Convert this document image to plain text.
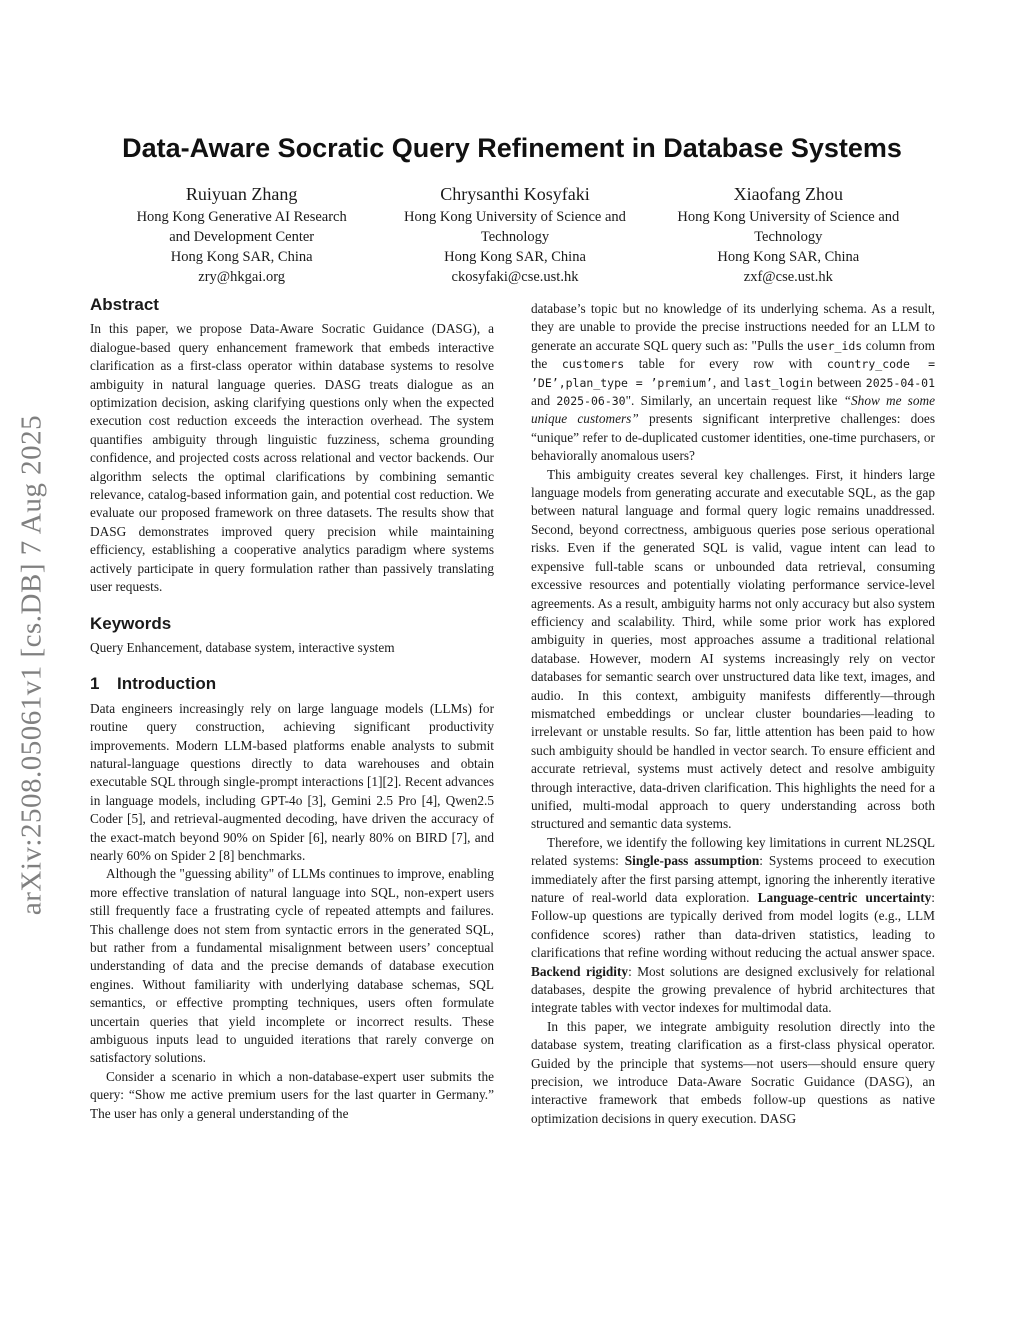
arXiv:2508.05061v1 [cs.DB] 7 Aug 2025
Data-Aware Socratic Query Refinement in Database Systems
Ruiyuan Zhang
Hong Kong Generative AI Research
and Development Center
Hong Kong SAR, China
zry@hkgai.org
Chrysanthi Kosyfaki
Hong Kong University of Science and
Technology
Hong Kong SAR, China
ckosyfaki@cse.ust.hk
Xiaofang Zhou
Hong Kong University of Science and
Technology
Hong Kong SAR, China
zxf@cse.ust.hk
Abstract

In this paper, we propose Data-Aware Socratic Guidance (DASG), a dialogue-based query enhancement framework that embeds interactive clarification as a first-class operator within database systems to resolve ambiguity in natural language queries. DASG treats dialogue as an optimization decision, asking clarifying questions only when the expected execution cost reduction exceeds the interaction overhead. The system quantifies ambiguity through linguistic fuzziness, schema grounding confidence, and projected costs across relational and vector backends. Our algorithm selects the optimal clarifications by combining semantic relevance, catalog-based information gain, and potential cost reduction. We evaluate our proposed framework on three datasets. The results show that DASG demonstrates improved query precision while maintaining efficiency, establishing a cooperative analytics paradigm where systems actively participate in query formulation rather than passively translating user requests.

Keywords

Query Enhancement, database system, interactive system

1 Introduction

Data engineers increasingly rely on large language models (LLMs) for routine query construction, achieving significant productivity improvements. Modern LLM-based platforms enable analysts to submit natural-language questions directly to data warehouses and obtain executable SQL through single-prompt interactions [1][2]. Recent advances in language models, including GPT-4o [3], Gemini 2.5 Pro [4], Qwen2.5 Coder [5], and retrieval-augmented decoding, have driven the accuracy of the exact-match beyond 90% on Spider [6], nearly 80% on BIRD [7], and nearly 60% on Spider 2 [8] benchmarks.

Although the "guessing ability" of LLMs continues to improve, enabling more effective translation of natural language into SQL, non-expert users still frequently face a frustrating cycle of repeated attempts and failures. This challenge does not stem from syntactic errors in the generated SQL, but rather from a fundamental misalignment between users’ conceptual understanding of data and the precise demands of database execution engines. Without familiarity with underlying database schemas, SQL semantics, or effective prompting techniques, users often formulate uncertain queries that yield incomplete or incorrect results. These ambiguous inputs lead to unguided iterations that rarely converge on satisfactory solutions.

Consider a scenario in which a non-database-expert user submits the query: “Show me active premium users for the last quarter in Germany.” The user has only a general understanding of the

database’s topic but no knowledge of its underlying schema. As a result, they are unable to provide the precise instructions needed for an LLM to generate an accurate SQL query such as: "Pulls the user_ids column from the customers table for every row with country_code = ’DE’,plan_type = ’premium’, and last_login between 2025-04-01 and 2025-06-30". Similarly, an uncertain request like “Show me some unique customers” presents significant interpretive challenges: does “unique” refer to de-duplicated customer identities, one-time purchasers, or behaviorally anomalous users?

This ambiguity creates several key challenges. First, it hinders large language models from generating accurate and executable SQL, as the gap between natural language and formal query logic remains unaddressed. Second, beyond correctness, ambiguous queries pose serious operational risks. Even if the generated SQL is valid, vague intent can lead to expensive full-table scans or unbounded data retrieval, consuming excessive resources and potentially violating performance service-level agreements. As a result, ambiguity harms not only accuracy but also system efficiency and scalability. Third, while some prior work has explored ambiguity in queries, most approaches assume a traditional relational database. However, modern AI systems increasingly rely on vector databases for semantic search over unstructured data like text, images, and audio. In this context, ambiguity manifests differently—through mismatched embeddings or unclear cluster boundaries—leading to irrelevant or unstable results. So far, little attention has been paid to how such ambiguity should be handled in vector search. To ensure efficient and accurate retrieval, systems must actively detect and resolve ambiguity through interactive, data-driven clarification. This highlights the need for a unified, multi-modal approach to query understanding across both structured and semantic data systems.

Therefore, we identify the following key limitations in current NL2SQL related systems: Single-pass assumption: Systems proceed to execution immediately after the first parsing attempt, ignoring the inherently iterative nature of real-world data exploration. Language-centric uncertainty: Follow-up questions are typically derived from model logits (e.g., LLM confidence scores) rather than data-driven statistics, leading to clarifications that refine wording without reducing the actual answer space. Backend rigidity: Most solutions are designed exclusively for relational databases, despite the growing prevalence of hybrid architectures that integrate tables with vector indexes for multimodal data.

In this paper, we integrate ambiguity resolution directly into the database system, treating clarification as a first-class physical operator. Guided by the principle that systems—not users—should ensure query precision, we introduce Data-Aware Socratic Guidance (DASG), an interactive framework that embeds follow-up questions as native optimization decisions in query execution. DASG
